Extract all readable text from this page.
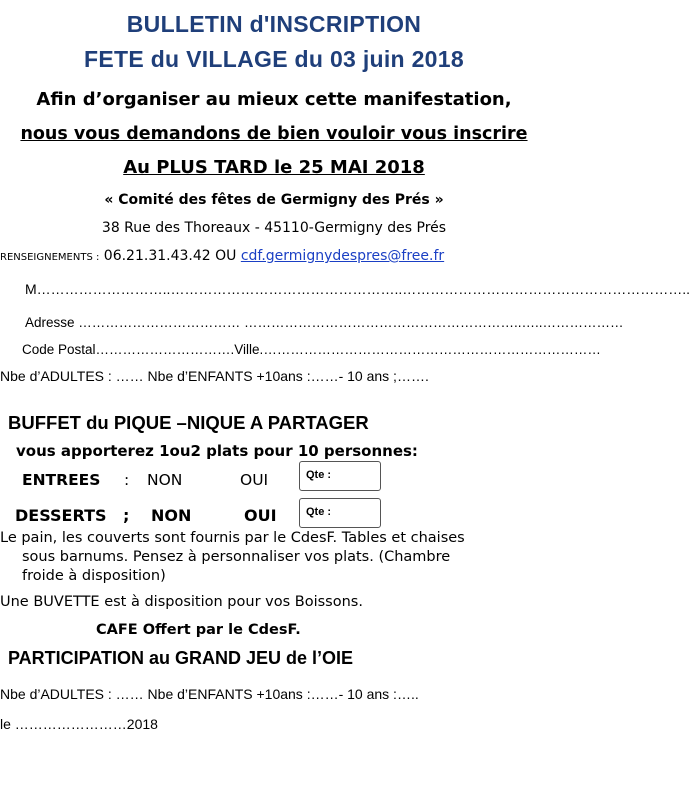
BULLETIN d'INSCRIPTION
FETE du VILLAGE du 03 juin 2018
Afin d’organiser au mieux cette manifestation,
nous vous demandons de bien vouloir vous inscrire
Au PLUS TARD le 25 MAI 2018
« Comité des fêtes de Germigny des Prés »
38 Rue des Thoreaux - 45110-Germigny des Prés
RENSEIGNEMENTS : 06.21.31.43.42 OU cdf.germignydespres@free.fr
M………………………..…………………………………………..……………………………………………………..
Adresse ……………………………… ……………………………………………………..…..………………
Code Postal………………………….Ville.…………………………………………………………………
Nbe d’ADULTES : …… Nbe d’ENFANTS +10ans :……- 10 ans ;…….
BUFFET du PIQUE –NIQUE A PARTAGER
vous apporterez 1ou2 plats pour 10 personnes:
ENTREES : NON	OUI	Qte :
DESSERTS ; NON	OUI	Qte :
Le pain, les couverts sont fournis par le CdesF. Tables et chaises
sous barnums. Pensez à personnaliser vos plats. (Chambre
froide à disposition)
Une BUVETTE est à disposition pour vos Boissons.
CAFE Offert par le CdesF.
PARTICIPATION au GRAND JEU de l’OIE
Nbe d’ADULTES : …… Nbe d’ENFANTS +10ans :……- 10 ans :…..
le ……………………2018
